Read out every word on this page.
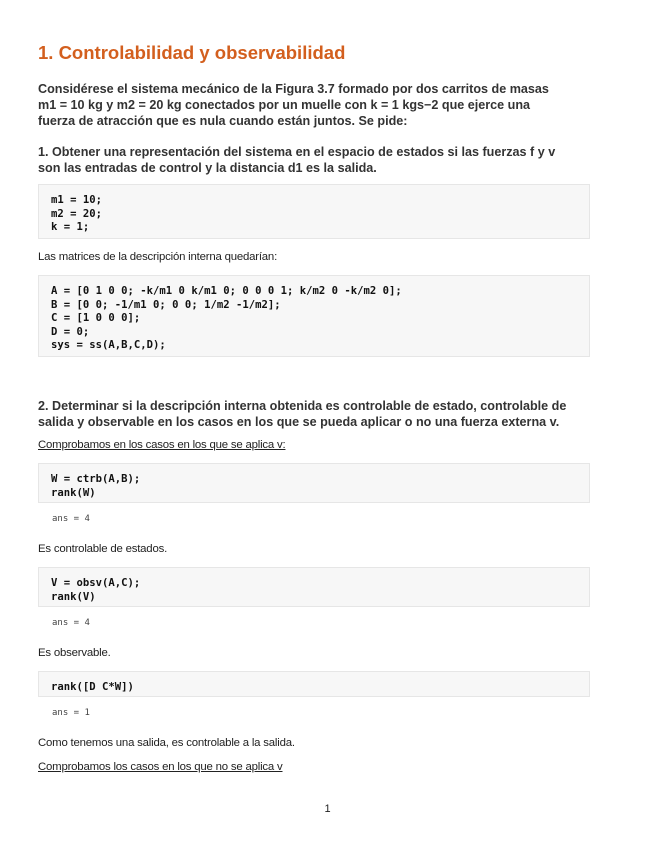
1. Controlabilidad y observabilidad

Considérese el sistema mecánico de la Figura 3.7 formado por dos carritos de masas
m1 = 10 kg y m2 = 20 kg conectados por un muelle con k = 1 kgs−2 que ejerce una
fuerza de atracción que es nula cuando están juntos. Se pide:

1. Obtener una representación del sistema en el espacio de estados si las fuerzas f y v
son las entradas de control y la distancia d1 es la salida.

m1 = 10;
m2 = 20;
k = 1;

Las matrices de la descripción interna quedarían:

A = [0 1 0 0; -k/m1 0 k/m1 0; 0 0 0 1; k/m2 0 -k/m2 0];
B = [0 0; -1/m1 0; 0 0; 1/m2 -1/m2];
C = [1 0 0 0];
D = 0;
sys = ss(A,B,C,D);

2. Determinar si la descripción interna obtenida es controlable de estado, controlable de
salida y observable en los casos en los que se pueda aplicar o no una fuerza externa v.

Comprobamos en los casos en los que se aplica v:

W = ctrb(A,B);
rank(W)

ans = 4

Es controlable de estados.

V = obsv(A,C);
rank(V)

ans = 4

Es observable.

rank([D C*W])

ans = 1

Como tenemos una salida, es controlable a la salida.

Comprobamos los casos en los que no se aplica v

1
